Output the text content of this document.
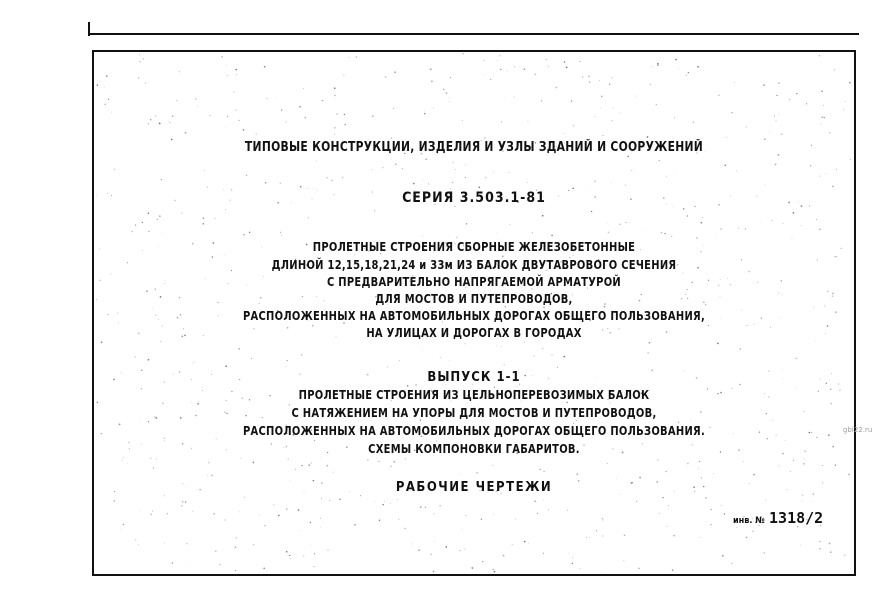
ТИПОВЫЕ КОНСТРУКЦИИ, ИЗДЕЛИЯ И УЗЛЫ ЗДАНИЙ И СООРУЖЕНИЙ
СЕРИЯ 3.503.1-81
ПРОЛЕТНЫЕ СТРОЕНИЯ СБОРНЫЕ ЖЕЛЕЗОБЕТОННЫЕ
ДЛИНОЙ 12,15,18,21,24 и 33м ИЗ БАЛОК ДВУТАВРОВОГО СЕЧЕНИЯ
С ПРЕДВАРИТЕЛЬНО НАПРЯГАЕМОЙ АРМАТУРОЙ
ДЛЯ МОСТОВ И ПУТЕПРОВОДОВ,
РАСПОЛОЖЕННЫХ НА АВТОМОБИЛЬНЫХ ДОРОГАХ ОБЩЕГО ПОЛЬЗОВАНИЯ,
НА УЛИЦАХ И ДОРОГАХ В ГОРОДАХ
ВЫПУСК 1-1
ПРОЛЕТНЫЕ СТРОЕНИЯ ИЗ ЦЕЛЬНОПЕРЕВОЗИМЫХ БАЛОК
С НАТЯЖЕНИЕМ НА УПОРЫ ДЛЯ МОСТОВ И ПУТЕПРОВОДОВ,
РАСПОЛОЖЕННЫХ НА АВТОМОБИЛЬНЫХ ДОРОГАХ ОБЩЕГО ПОЛЬЗОВАНИЯ.
СХЕМЫ КОМПОНОВКИ ГАБАРИТОВ.
РАБОЧИЕ ЧЕРТЕЖИ
инв. № 1318/2
gbl22.ru
